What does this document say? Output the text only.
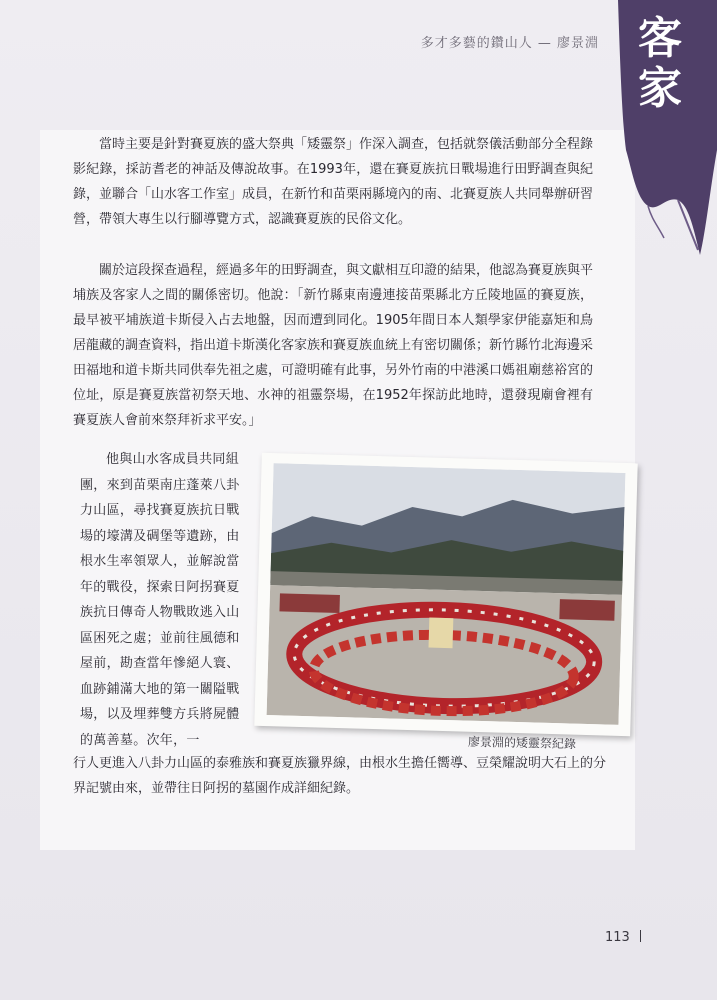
多才多藝的鑽山人 — 廖景淵 客家

當時主要是針對賽夏族的盛大祭典「矮靈祭」作深入調查，包括就祭儀活動部分全程錄影紀錄，採訪耆老的神話及傳說故事。在1993年，還在賽夏族抗日戰場進行田野調查與紀錄，並聯合「山水客工作室」成員，在新竹和苗栗兩縣境內的南、北賽夏族人共同舉辦研習營，帶領大專生以行腳導覽方式，認識賽夏族的民俗文化。

關於這段探查過程，經過多年的田野調查，與文獻相互印證的結果，他認為賽夏族與平埔族及客家人之間的關係密切。他說：「新竹縣東南邊連接苗栗縣北方丘陵地區的賽夏族，最早被平埔族道卡斯侵入占去地盤，因而遭到同化。1905年間日本人類學家伊能嘉矩和鳥居龍藏的調查資料，指出道卡斯漢化客家族和賽夏族血統上有密切關係；新竹縣竹北海邊采田福地和道卡斯共同供奉先祖之處，可證明確有此事，另外竹南的中港溪口媽祖廟慈裕宮的位址，原是賽夏族當初祭天地、水神的祖靈祭場，在1952年探訪此地時，還發現廟會裡有賽夏族人會前來祭拜祈求平安。」

他與山水客成員共同組團，來到苗栗南庄蓬萊八卦力山區，尋找賽夏族抗日戰場的壕溝及碉堡等遺跡，由根水生率領眾人，並解說當年的戰役，探索日阿拐賽夏族抗日傳奇人物戰敗逃入山區困死之處；並前往風德和屋前，勘查當年慘絕人寰、血跡鋪滿大地的第一關隘戰場，以及埋葬雙方兵將屍體的萬善墓。次年，一

行人更進入八卦力山區的泰雅族和賽夏族獵界線，由根水生擔任嚮導、豆榮耀說明大石上的分界記號由來，並帶往日阿拐的墓園作成詳細紀錄。

廖景淵的矮靈祭紀錄
113
